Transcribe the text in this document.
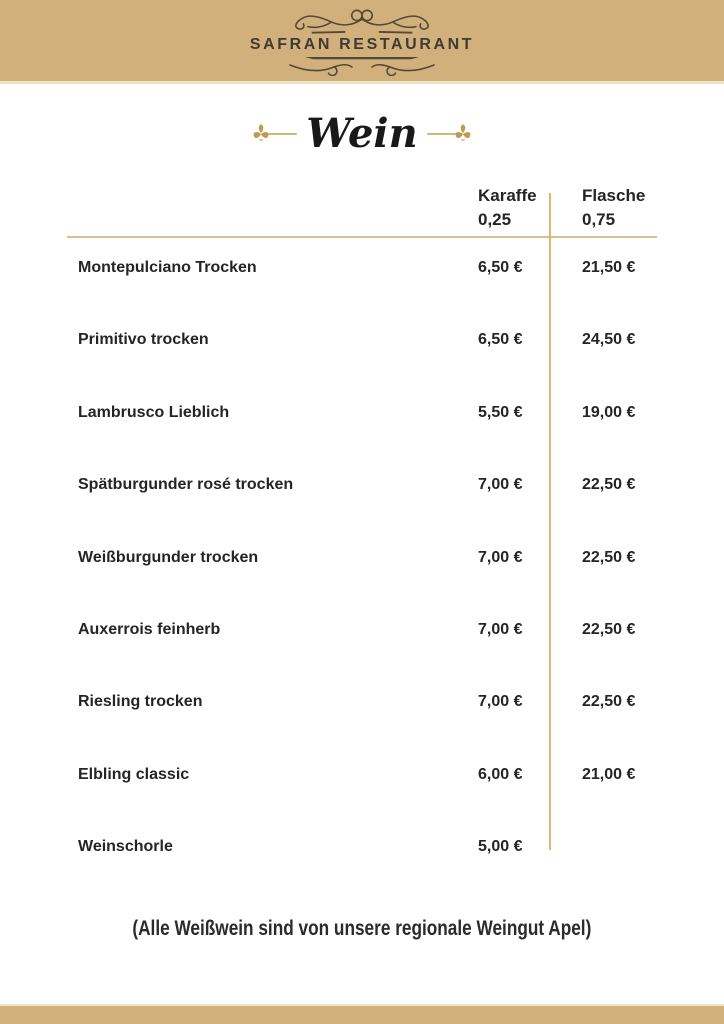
SAFRAN RESTAURANT
Wein
Karaffe
0,25
Flasche
0,75
Montepulciano Trocken	6,50 €	21,50 €
Primitivo trocken	6,50 €	24,50 €
Lambrusco Lieblich	5,50 €	19,00 €
Spätburgunder rosé trocken	7,00 €	22,50 €
Weißburgunder trocken	7,00 €	22,50 €
Auxerrois feinherb	7,00 €	22,50 €
Riesling trocken	7,00 €	22,50 €
Elbling classic	6,00 €	21,00 €
Weinschorle	5,00 €
(Alle Weißwein sind von unsere regionale Weingut Apel)
